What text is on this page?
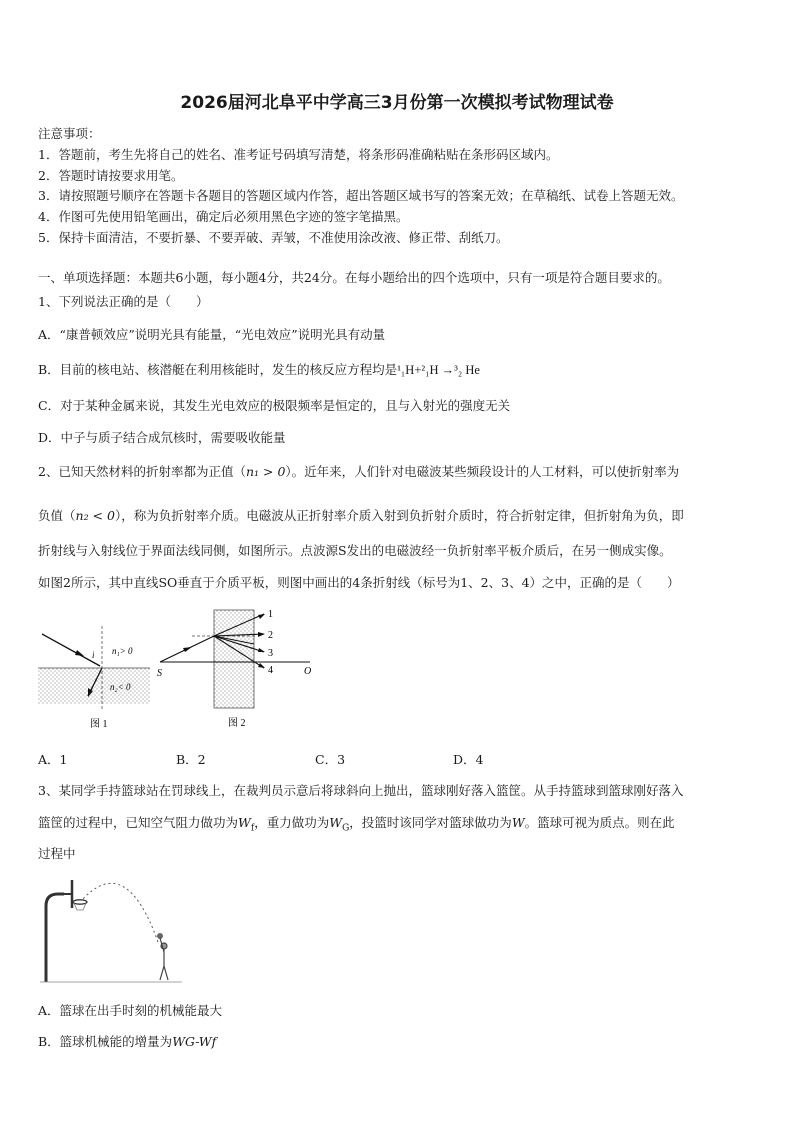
2026届河北阜平中学高三3月份第一次模拟考试物理试卷
注意事项：
1．答题前，考生先将自己的姓名、准考证号码填写清楚，将条形码准确粘贴在条形码区域内。
2．答题时请按要求用笔。
3．请按照题号顺序在答题卡各题目的答题区域内作答，超出答题区域书写的答案无效；在草稿纸、试卷上答题无效。
4．作图可先使用铅笔画出，确定后必须用黑色字迹的签字笔描黑。
5．保持卡面清洁，不要折暴、不要弄破、弄皱，不准使用涂改液、修正带、刮纸刀。
一、单项选择题：本题共6小题，每小题4分，共24分。在每小题给出的四个选项中，只有一项是符合题目要求的。
1、下列说法正确的是（　　）
A．“康普顿效应”说明光具有能量，“光电效应”说明光具有动量
B．目前的核电站、核潜艇在利用核能时，发生的核反应方程均是¹₁H+²₁H →³₂ He
C．对于某种金属来说，其发生光电效应的极限频率是恒定的，且与入射光的强度无关
D．中子与质子结合成氘核时，需要吸收能量
2、已知天然材料的折射率都为正值（n₁ > 0）。近年来，人们针对电磁波某些频段设计的人工材料，可以使折射率为
负值（n₂ < 0），称为负折射率介质。电磁波从正折射率介质入射到负折射介质时，符合折射定律，但折射角为负，即
折射线与入射线位于界面法线同侧，如图所示。点波源S发出的电磁波经一负折射率平板介质后，在另一侧成实像。
如图2所示，其中直线SO垂直于介质平板，则图中画出的4条折射线（标号为1、2、3、4）之中，正确的是（　　）
i n₁> 0
n₂< 0
图 1
1
2
3
4
S	O
图 2
A．1	B．2	C．3	D．4
3、某同学手持篮球站在罚球线上，在裁判员示意后将球斜向上抛出，篮球刚好落入篮筐。从手持篮球到篮球刚好落入
篮筐的过程中，已知空气阻力做功为$W_f$，重力做功为$W_G$，投篮时该同学对篮球做功为W。篮球可视为质点。则在此
过程中
A．篮球在出手时刻的机械能最大
B．篮球机械能的增量为WG-Wf
